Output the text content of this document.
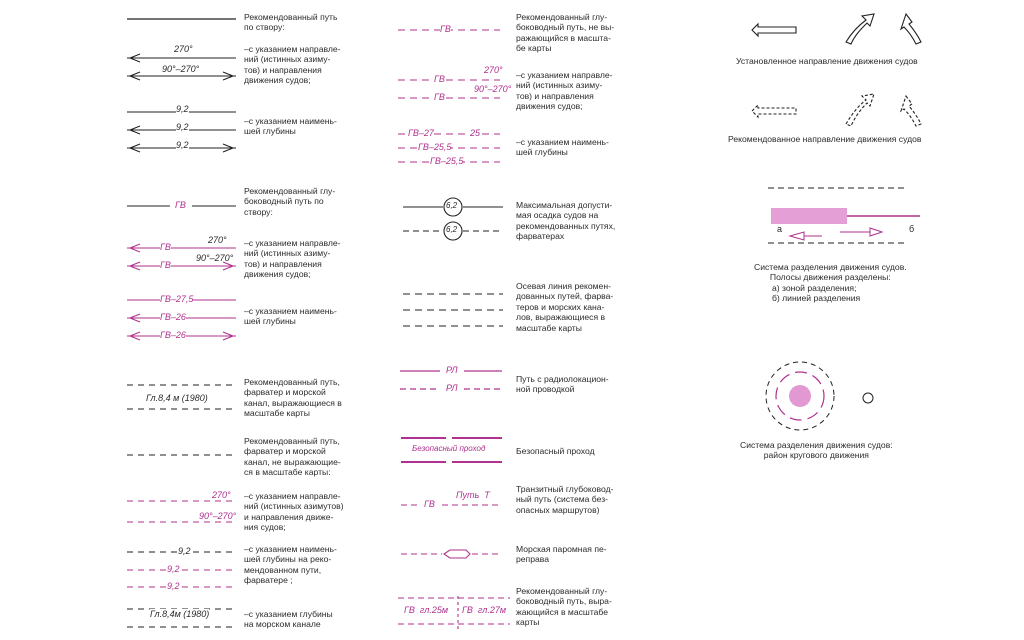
Рекомендованный путь
по створу:
–с указанием направле-
ний (истинных азиму-
тов) и направления
движения судов;
–с указанием наимень-
шей глубины
Рекомендованный глу-
боководный путь по
створу:
–с указанием направле-
ний (истинных азиму-
тов) и направления
движения судов;
–с указанием наимень-
шей глубины
Рекомендованный путь,
фарватер и морской
канал, выражающиеся в
масштабе карты
Рекомендованный путь,
фарватер и морской
канал, не выражающие-
ся в масштабе карты:
–с указанием направле-
ний (истинных азимутов)
и направления движе-
ния судов;
–с указанием наимень-
шей глубины на реко-
мендованном пути,
фарватере ;
–с указанием глубины
на морском канале
270°
90°–270°
9,2
9,2
9,2
ГВ
ГВ
270°
ГВ
90°–270°
ГВ–27,5
ГВ–26
ГВ–26
Гл.8,4 м (1980)
270°
90°–270°
9,2
9,2
9,2
Гл.8,4м (1980)
Рекомендованный глу-
боководный путь, не вы-
ражающийся в масштa-
бе карты
–с указанием направле-
ний (истинных азиму-
тов) и направления
движения судов;
–с указанием наимень-
шей глубины
Максимальная допусти-
мая осадка судов на
рекомендованных путях,
фарватерах
Осевая линия рекомен-
дованных путей, фарва-
теров и морских кана-
лов, выражающиеся в
масштабе карты
Путь с радиолокацион-
ной проводкой
Безопасный проход
Транзитный глубоковод-
ный путь (система без-
опасных маршрутов)
Морская паромная пе-
реправа
Рекомендованный глу-
боководный путь, выра-
жающийся в масштабе
карты
ГВ
ГВ
270°
ГВ
90°–270°
ГВ–27	25
ГВ–25,5
ГВ–25,5
6,2
6,2
РЛ
РЛ
Безопасный проход
ГВ
Путь  Т
ГВ  гл.25м ГВ  гл.27м
Установленное направление движения судов
Рекомендованное направление движения судов
а	б
Система разделения движения судов.
Полосы движения разделены:
а) зоной разделения;
б) линией разделения
Система разделения движения судов:
район кругового движения
